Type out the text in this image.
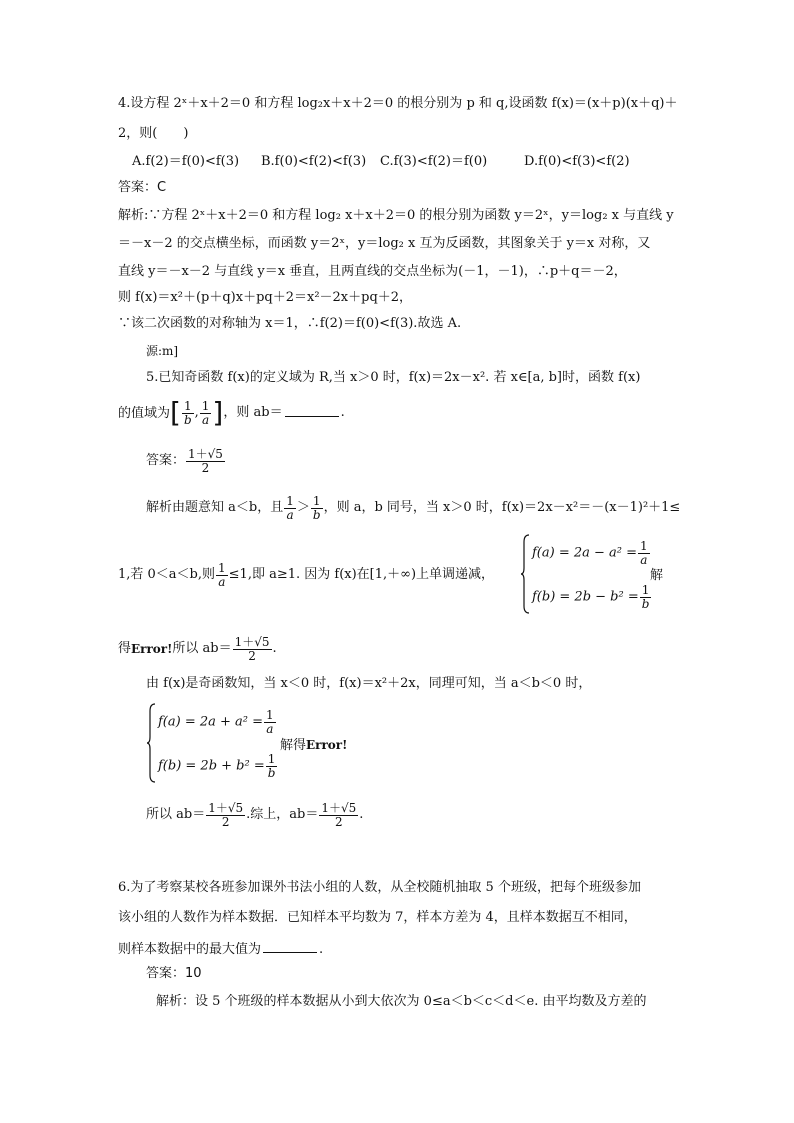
4.设方程 2ˣ＋x＋2＝0 和方程 log₂x＋x＋2＝0 的根分别为 p 和 q,设函数 f(x)＝(x＋p)(x＋q)＋
2，则(　　)
A.f(2)＝f(0)<f(3) B.f(0)<f(2)<f(3) C.f(3)<f(2)＝f(0)	D.f(0)<f(3)<f(2)
答案：C
解析:∵方程 2ˣ＋x＋2＝0 和方程 log₂ x＋x＋2＝0 的根分别为函数 y＝2ˣ，y＝log₂ x 与直线 y
＝－x－2 的交点横坐标，而函数 y＝2ˣ，y＝log₂ x 互为反函数，其图象关于 y＝x 对称，又
直线 y＝－x－2 与直线 y＝x 垂直，且两直线的交点坐标为(－1，－1)，∴p＋q＝－2，
则 f(x)＝x²＋(p＋q)x＋pq＋2＝x²－2x＋pq＋2，
∵该二次函数的对称轴为 x＝1，∴f(2)＝f(0)<f(3).故选 A.
源:m]
5.已知奇函数 f(x)的定义域为 R,当 x＞0 时，f(x)＝2x－x². 若 x∈[a, b]时，函数 f(x)
的值域为[ $\frac{1}{b}$ , $\frac{1}{a}$ ]，则 ab＝	.
答案： $\frac{1+√5}{2}$
解析由题意知 a＜b，且 $\frac{1}{a} > \frac{1}{b}$ ，则 a，b 同号，当 x＞0 时，f(x)＝2x－x²＝－(x－1)²＋1≤
1,若 0＜a＜b,则 $\frac{1}{a} \le 1$,即 a≥1. 因为 f(x)在[1,＋∞)上单调递减，
$f(a) = 2a - a^2 = \frac{1}{a}$
解
$f(b) = 2b - b^2 = \frac{1}{b}$
得Error!所以 $ab= \frac{1+√5}{2}$ .
由 f(x)是奇函数知，当 x＜0 时，f(x)＝x²＋2x，同理可知，当 a＜b＜0 时，
$f(a) = 2a + a^2 = \frac{1}{a}$
解得Error!
$f(b) = 2b + b^2 = \frac{1}{b}$
所以 $ab= \frac{1+√5}{2}$ .综上，$ab= \frac{1+√5}{2}$ .
6.为了考察某校各班参加课外书法小组的人数，从全校随机抽取 5 个班级，把每个班级参加
该小组的人数作为样本数据．已知样本平均数为 7，样本方差为 4，且样本数据互不相同，
则样本数据中的最大值为	.
答案：10
解析：设 5 个班级的样本数据从小到大依次为 0≤a＜b＜c＜d＜e. 由平均数及方差的
